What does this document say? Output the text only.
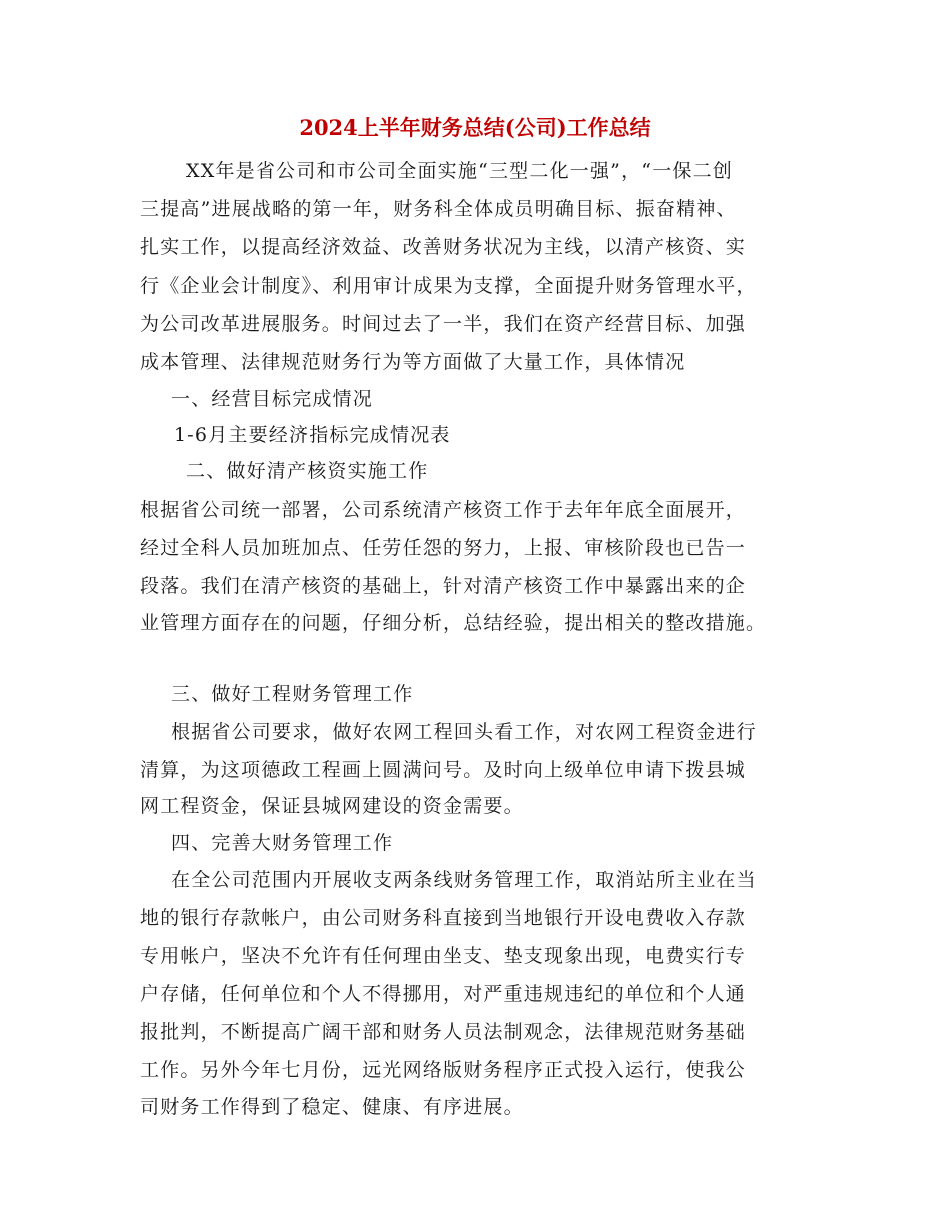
2024上半年财务总结(公司)工作总结
XX年是省公司和市公司全面实施“三型二化一强”，“一保二创
三提高”进展战略的第一年，财务科全体成员明确目标、振奋精神、
扎实工作，以提高经济效益、改善财务状况为主线，以清产核资、实
行《企业会计制度》、利用审计成果为支撑，全面提升财务管理水平，
为公司改革进展服务。时间过去了一半，我们在资产经营目标、加强
成本管理、法律规范财务行为等方面做了大量工作，具体情况
一、经营目标完成情况
1-6月主要经济指标完成情况表
二、做好清产核资实施工作
根据省公司统一部署，公司系统清产核资工作于去年年底全面展开，
经过全科人员加班加点、任劳任怨的努力，上报、审核阶段也已告一
段落。我们在清产核资的基础上，针对清产核资工作中暴露出来的企
业管理方面存在的问题，仔细分析，总结经验，提出相关的整改措施。
三、做好工程财务管理工作
根据省公司要求，做好农网工程回头看工作，对农网工程资金进行
清算，为这项德政工程画上圆满问号。及时向上级单位申请下拨县城
网工程资金，保证县城网建设的资金需要。
四、完善大财务管理工作
在全公司范围内开展收支两条线财务管理工作，取消站所主业在当
地的银行存款帐户，由公司财务科直接到当地银行开设电费收入存款
专用帐户，坚决不允许有任何理由坐支、垫支现象出现，电费实行专
户存储，任何单位和个人不得挪用，对严重违规违纪的单位和个人通
报批判，不断提高广阔干部和财务人员法制观念，法律规范财务基础
工作。另外今年七月份，远光网络版财务程序正式投入运行，使我公
司财务工作得到了稳定、健康、有序进展。
